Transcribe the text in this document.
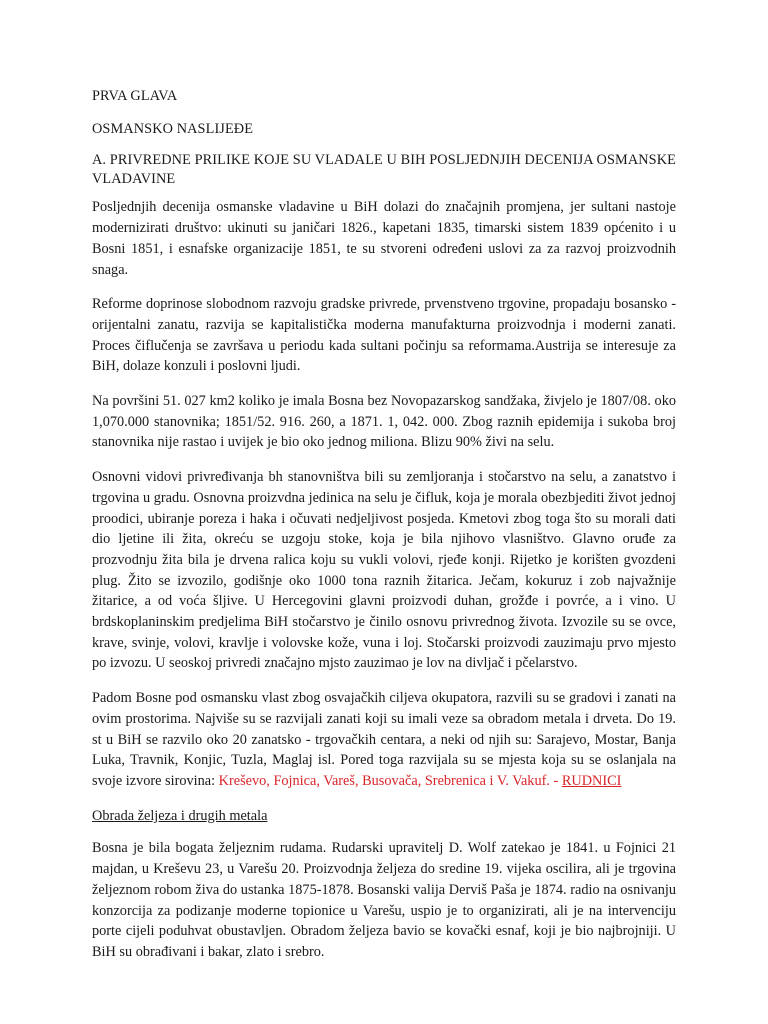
PRVA GLAVA
OSMANSKO NASLIJEĐE
A. PRIVREDNE PRILIKE KOJE SU VLADALE U BIH POSLJEDNJIH DECENIJA OSMANSKE VLADAVINE

Posljednjih decenija osmanske vladavine u BiH dolazi do značajnih promjena, jer sultani nastoje modernizirati društvo: ukinuti su janičari 1826., kapetani 1835, timarski sistem 1839 općenito i u Bosni 1851, i esnafske organizacije 1851, te su stvoreni određeni uslovi za za razvoj proizvodnih snaga.

Reforme doprinose slobodnom razvoju gradske privrede, prvenstveno trgovine, propadaju bosansko - orijentalni zanatu, razvija se kapitalistička moderna manufakturna proizvodnja i moderni zanati. Proces čiflučenja se završava u periodu kada sultani počinju sa reformama.Austrija se interesuje za BiH, dolaze konzuli i poslovni ljudi.

Na površini 51. 027 km2 koliko je imala Bosna bez Novopazarskog sandžaka, živjelo je 1807/08. oko 1,070.000 stanovnika; 1851/52. 916. 260, a 1871. 1, 042. 000. Zbog raznih epidemija i sukoba broj stanovnika nije rastao i uvijek je bio oko jednog miliona. Blizu 90% živi na selu.

Osnovni vidovi privređivanja bh stanovništva bili su zemljoranja i stočarstvo na selu, a zanatstvo i trgovina u gradu. Osnovna proizvdna jedinica na selu je čifluk, koja je morala obezbjediti život jednoj proodici, ubiranje poreza i haka i očuvati nedjeljivost posjeda. Kmetovi zbog toga što su morali dati dio ljetine ili žita, okreću se uzgoju stoke, koja je bila njihovo vlasništvo. Glavno oruđe za prozvodnju žita bila je drvena ralica koju su vukli volovi, rjeđe konji. Rijetko je korišten gvozdeni plug. Žito se izvozilo, godišnje oko 1000 tona raznih žitarica. Ječam, kokuruz i zob najvažnije žitarice, a od voća šljive. U Hercegovini glavni proizvodi duhan, grožđe i povrće, a i vino. U brdskoplaninskim predjelima BiH stočarstvo je činilo osnovu privrednog života. Izvozile su se ovce, krave, svinje, volovi, kravlje i volovske kože, vuna i loj. Stočarski proizvodi zauzimaju prvo mjesto po izvozu. U seoskoj privredi značajno mjsto zauzimao je lov na divljač i pčelarstvo.

Padom Bosne pod osmansku vlast zbog osvajačkih ciljeva okupatora, razvili su se gradovi i zanati na ovim prostorima. Najviše su se razvijali zanati koji su imali veze sa obradom metala i drveta. Do 19. st u BiH se razvilo oko 20 zanatsko - trgovačkih centara, a neki od njih su: Sarajevo, Mostar, Banja Luka, Travnik, Konjic, Tuzla, Maglaj isl. Pored toga razvijala su se mjesta koja su se oslanjala na svoje izvore sirovina: Kreševo, Fojnica, Vareš, Busovača, Srebrenica i V. Vakuf. - RUDNICI

Obrada željeza i drugih metala

Bosna je bila bogata željeznim rudama. Rudarski upravitelj D. Wolf zatekao je 1841. u Fojnici 21 majdan, u Kreševu 23, u Varešu 20. Proizvodnja željeza do sredine 19. vijeka oscilira, ali je trgovina željeznom robom živa do ustanka 1875-1878. Bosanski valija Derviš Paša je 1874. radio na osnivanju konzorcija za podizanje moderne topionice u Varešu, uspio je to organizirati, ali je na intervenciju porte cijeli poduhvat obustavljen. Obradom željeza bavio se kovački esnaf, koji je bio najbrojniji. U BiH su obrađivani i bakar, zlato i srebro.
